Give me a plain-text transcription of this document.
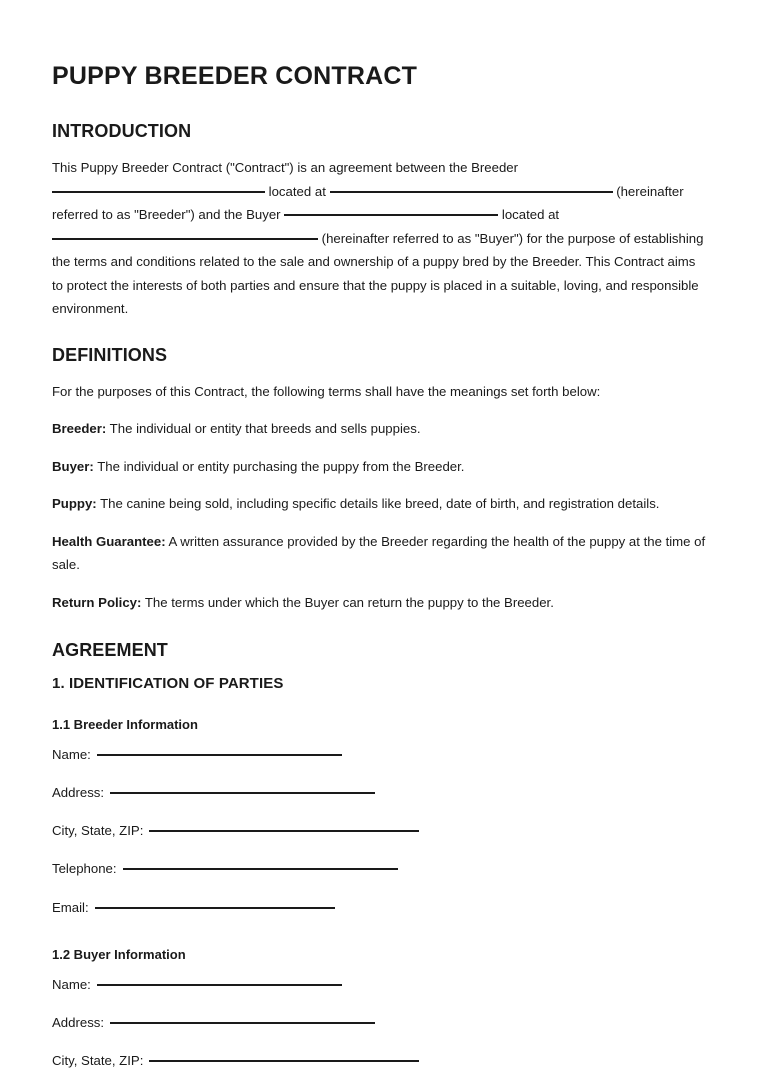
PUPPY BREEDER CONTRACT
INTRODUCTION

This Puppy Breeder Contract ("Contract") is an agreement between the Breeder  located at	(hereinafter referred to as "Breeder") and the Buyer	located at  (hereinafter referred to as "Buyer") for the purpose of establishing the terms and conditions related to the sale and ownership of a puppy bred by the Breeder. This Contract aims to protect the interests of both parties and ensure that the puppy is placed in a suitable, loving, and responsible environment.

DEFINITIONS

For the purposes of this Contract, the following terms shall have the meanings set forth below:

Breeder: The individual or entity that breeds and sells puppies.

Buyer: The individual or entity purchasing the puppy from the Breeder.

Puppy: The canine being sold, including specific details like breed, date of birth, and registration details.

Health Guarantee: A written assurance provided by the Breeder regarding the health of the puppy at the time of sale.

Return Policy: The terms under which the Buyer can return the puppy to the Breeder.

AGREEMENT
1. IDENTIFICATION OF PARTIES
1.1 Breeder Information
Name:
Address:
City, State, ZIP:
Telephone:
Email:
1.2 Buyer Information
Name:
Address:
City, State, ZIP:
